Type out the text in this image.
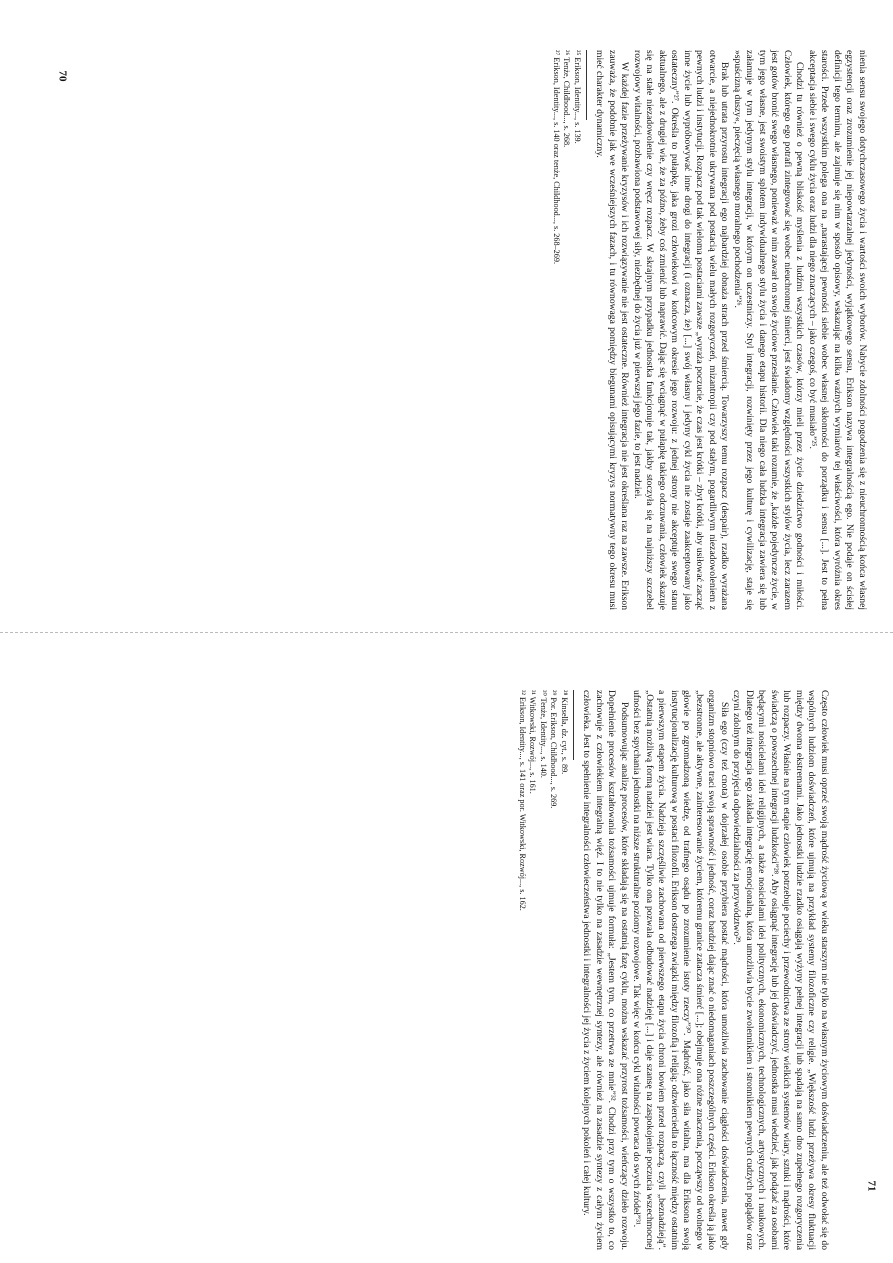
nienia sensu swojego dotychczasowego życia i wartości swoich wyborów. Nabycie zdolności pogodzenia się z nieuchronnością końca własnej egzystencji oraz zrozumienie jej niepowtarzalnej jedyności, wyjątkowego sensu, Erikson nazywa integralnością ego. Nie podaje on ścisłej definicji tego terminu, ale zajmuje się nim w sposób opisowy, wskazując na kilka ważnych wymiarów tej właściwości, która wyróżnia okres starości. Przede wszystkim polega ona na „narastającej pewności siebie wobec własnej skłonności do porządku i sensu [...]. Jest to pełna akceptacja siebie i swego cyklu życia oraz ludzi dla niego znaczących – jako czegoś, co być musiało”²⁵.

Chodzi tu również o pewną bliskość myślenia z ludźmi wszystkich czasów, którzy mieli przez życie dziedzictwo godności i miłości. Człowiek, którego ego potrafi zintegrować się wobec nieuchronnej śmierci, jest świadomy względności wszystkich stylów życia, lecz zarazem jest gotów bronić swego własnego, ponieważ w nim zawarł on swoje życiowe przesłanie. Człowiek taki rozumie, że „każde pojedyncze życie, w tym jego własne, jest swoistym splotem indywidualnego stylu życia i danego etapu historii. Dla niego cała ludzka integracja zawiera się lub załamuje w tym jedynym stylu integracji, w którym on uczestniczy. Styl integracji, rozwinięty przez jego kulturę i cywilizację, staje się »spuścizną duszy«, pieczęcią własnego moralnego pochodzenia”²⁶.

Brak lub utrata przyrostu integracji ego najbardziej obnaża strach przed śmiercią. Towarzyszy temu rozpacz (despair), rzadko wyrażana otwarcie, a niejednokrotnie ukrywana pod postacią wielu małych rozgoryczeń, mizantropii czy pod stałym, pogardliwym niezadowoleniem z pewnych ludzi i instytucji. Rozpacz pod tak wieloma postaciami zawsze „wyraża poczucie, że czas jest krótki – zbyt krótki, aby usiłować zacząć inne życie lub wypróbowywać inne drogi do integracji (i oznacza, że) [...] swój własny i jedyny cykl życia nie zostaje zaakceptowany jako ostateczny”²⁷. Określa to pułapkę, jaka grozi człowiekowi w końcowym okresie jego rozwoju: z jednej strony nie akceptuje swego stanu aktualnego, ale z drugiej wie, że za późno, żeby coś zmienić lub naprawić. Dając się wciągnąć w pułapkę takiego odczuwania, człowiek skazuje się na stałe niezadowolenie czy wręcz rozpacz. W skrajnym przypadku jednostka funkcjonuje tak, jakby stoczyła się na najniższy szczebel rozwojowy witalności, pozbawiona podstawowej siły, niezbędnej do życia już w pierwszej jego fazie, to jest nadziei.

W każdej fazie przeżywanie kryzysów i ich rozwiązywanie nie jest ostateczne. Również integracja nie jest określana raz na zawsze. Erikson zauważa, że podobnie jak we wcześniejszych fazach, i tu równowaga pomiędzy biegunami opisującymi kryzys normatywny tego okresu musi mieć charakter dynamiczny.

²⁵ Erikson, Identity..., s. 139.
²⁶ Tenże, Childhood..., s. 268.
²⁷ Erikson, Identity..., s. 140 oraz tenże, Childhood..., s. 268–269.
70

Często człowiek musi oprzeć swoją mądrość życiową w wieku starszym nie tylko na własnym życiowym doświadczeniu, ale też odwołać się do wspólnych ludziom doświadczeń, które ujmują na przykład systemy filozoficzne czy religie. „Większość ludzi przeżywa okresy fluktuacji między dwoma ekstremami. Jako jednostki ludzie rzadko osiągają wyżyny pełnej integracji lub spadają na samo dno zupełnego rozgoryczenia lub rozpaczy. Właśnie na tym etapie człowiek potrzebuje pociechy i przewodnictwa ze strony wielkich systemów wiary, sztuki i mądrości, które świadczą o powszechnej integracji ludzkości”²⁸. Aby osiągnąć integrację lub jej doświadczyć, jednostka musi wiedzieć, jak podążać za osobami będącymi nosicielami idei religijnych, a także nosicielami idei politycznych, ekonomicznych, technologicznych, artystycznych i naukowych. Dlatego też integracja ego zakłada integrację emocjonalną, która umożliwia bycie zwolennikiem i stronnikiem pewnych cudzych poglądów oraz czyni zdolnym do przyjęcia odpowiedzialności za przywództwo²⁹.

Siła ego (czy też cnota) w dojrzałej osobie przybiera postać mądrości, która umożliwia zachowanie ciągłości doświadczenia, nawet gdy organizm stopniowo traci swoją sprawność i jedność, coraz bardziej dając znać o niedomaganiach poszczególnych części. Erikson określa ją jako „bezstronne, ale aktywne, zainteresowanie życiem, któremu granice zatacza śmierć [...]; obejmuje ona różne znaczenia, począwszy od wolnego w głowie po zgromadzoną wiedzę, od trafnego osądu po zrozumienie istoty rzeczy”³⁰. Mądrość, jako siła witalna, ma dla Eriksona swoją instytucjonalizację kulturową w postaci filozofii. Erikson dostrzega związki między filozofią i religią; odzwierciedla to łączność między ostatnim a pierwszym etapem życia. Nadzieja szczęśliwie zachowana od pierwszego etapu życia chroni bowiem przed rozpaczą, czyli „beznadzieją”. „Ostatnią możliwą formą nadziei jest wiara. Tylko ona pozwala odbudować nadzieję [...] i daje szansę na zaspokojenie poczucia wszechmocnej ufności bez spychania jednostki na niższe strukturalne poziomy rozwojowe. Tak więc w końcu cykl witalności powraca do swych źródeł”³¹.

Podsumowując analizę procesów, które składają się na ostatnią fazę cyklu, można wskazać przyrost tożsamości, wieńczący dzieło rozwoju. Dopełnienie procesów kształtowania tożsamości ujmuje formuła: „Jestem tym, co przetrwa ze mnie”³². Chodzi przy tym o wszystko to, co zachowuje z człowiekiem integralną więź. I to nie tylko na zasadzie wewnętrznej syntezy, ale również na zasadzie syntezy z całym życiem człowieka. Jest to spełnienie integralności człowieczeństwa jednostki i integralności jej życia z życiem kolejnych pokoleń i całej kultury.

²⁸ Kinsella, dz. cyt., s. 89.
²⁹ Por. Erikson, Childhood..., s. 269.
³⁰ Tenże, Identity..., s. 140.
³¹ Witkowski, Rozwój..., s. 161.
³² Erikson, Identity..., s. 141 oraz por. Witkowski, Rozwój..., s. 162.
71
